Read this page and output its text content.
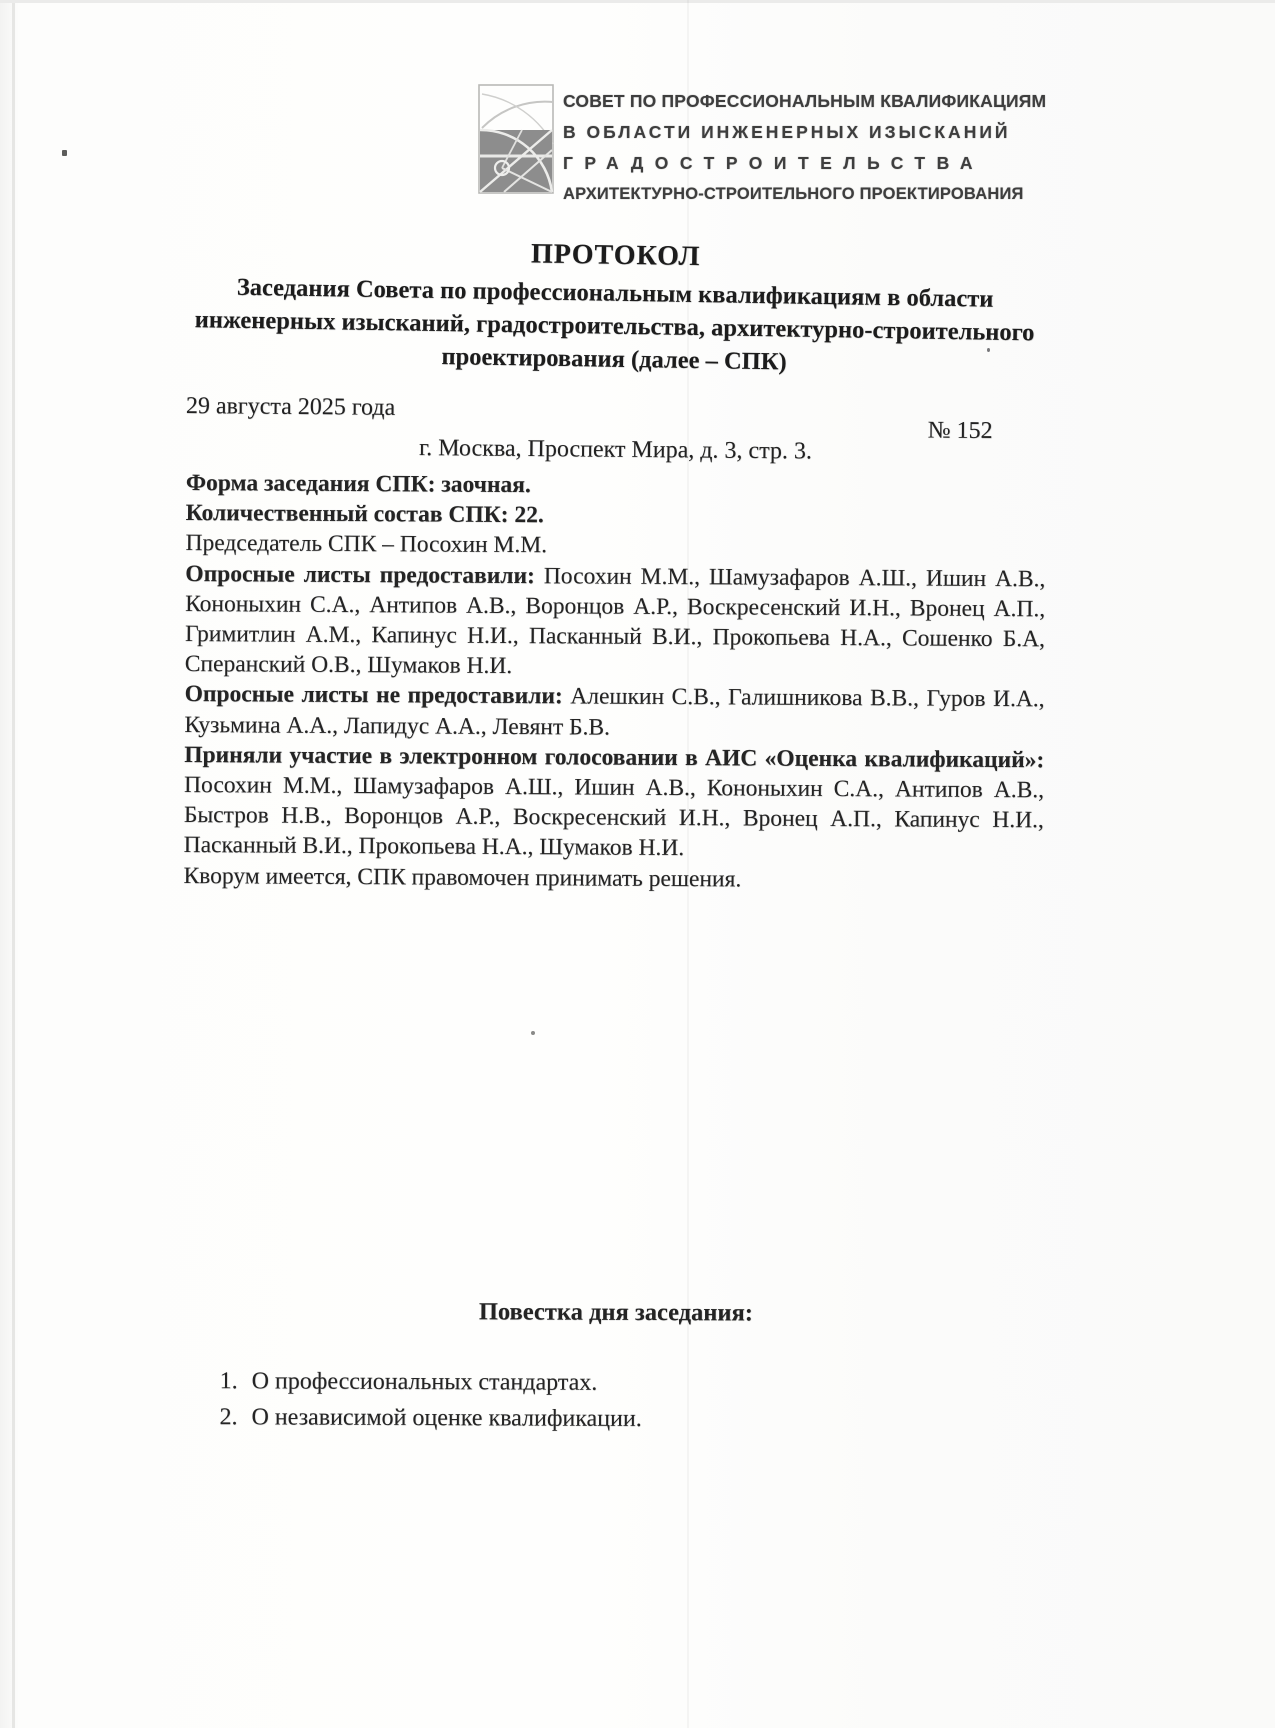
СОВЕТ ПО ПРОФЕССИОНАЛЬНЫМ КВАЛИФИКАЦИЯМ
В ОБЛАСТИ ИНЖЕНЕРНЫХ ИЗЫСКАНИЙ
ГРАДОСТРОИТЕЛЬСТВА
АРХИТЕКТУРНО-СТРОИТЕЛЬНОГО ПРОЕКТИРОВАНИЯ
ПРОТОКОЛ

Заседания Совета по профессиональным квалификациям в области инженерных изысканий, градостроительства, архитектурно-строительного проектирования (далее – СПК)

29 августа 2025 года
№ 152
г. Москва, Проспект Мира, д. 3, стр. 3.

Форма заседания СПК: заочная.

Количественный состав СПК: 22.

Председатель СПК – Посохин М.М.

Опросные листы предоставили: Посохин М.М., Шамузафаров А.Ш., Ишин А.В., Кононыхин С.А., Антипов А.В., Воронцов А.Р., Воскресенский И.Н., Вронец А.П., Гримитлин А.М., Капинус Н.И., Пасканный В.И., Прокопьева Н.А., Сошенко Б.А, Сперанский О.В., Шумаков Н.И.

Опросные листы не предоставили: Алешкин С.В., Галишникова В.В., Гуров И.А., Кузьмина А.А., Лапидус А.А., Левянт Б.В.

Приняли участие в электронном голосовании в АИС «Оценка квалификаций»: Посохин М.М., Шамузафаров А.Ш., Ишин А.В., Кононыхин С.А., Антипов А.В., Быстров Н.В., Воронцов А.Р., Воскресенский И.Н., Вронец А.П., Капинус Н.И., Пасканный В.И., Прокопьева Н.А., Шумаков Н.И.

Кворум имеется, СПК правомочен принимать решения.

Повестка дня заседания:

1. О профессиональных стандартах.
2. О независимой оценке квалификации.
